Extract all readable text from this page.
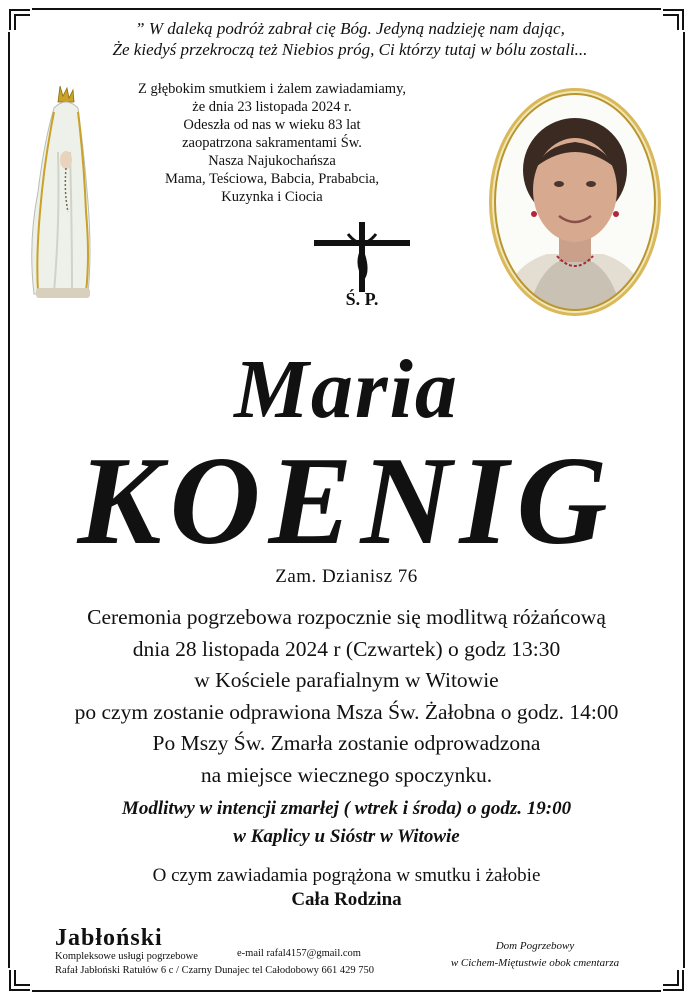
” W daleką podróż zabrał cię Bóg. Jedyną nadzieję nam dając,
Że kiedyś przekroczą też Niebios próg, Ci którzy tutaj w bólu zostali...
Z głębokim smutkiem i żalem zawiadamiamy,
że dnia 23 listopada 2024 r.
Odeszła od nas w wieku 83 lat
zaopatrzona sakramentami Św.
Nasza Najukochańsza
Mama, Teściowa, Babcia, Prababcia,
Kuzynka i Ciocia
Ś. P.
Maria
KOENIG
Zam. Dzianisz 76
Ceremonia pogrzebowa rozpocznie się modlitwą różańcową
dnia 28 listopada 2024 r (Czwartek) o godz 13:30
w Kościele parafialnym w Witowie
po czym zostanie odprawiona Msza Św. Żałobna o godz. 14:00
Po Mszy Św. Zmarła zostanie odprowadzona
na miejsce wiecznego spoczynku.
Modlitwy w intencji zmarłej ( wtrek i środa) o godz. 19:00
w Kaplicy u Sióstr w Witowie
O czym zawiadamia pogrążona w smutku i żałobie
Cała Rodzina
Jabłoński
Kompleksowe usługi pogrzebowe	e-mail rafal4157@gmail.com
Rafał Jabłoński Ratułów 6 c / Czarny Dunajec tel Całodobowy 661 429 750
Dom Pogrzebowy
w Cichem-Miętustwie obok cmentarza
